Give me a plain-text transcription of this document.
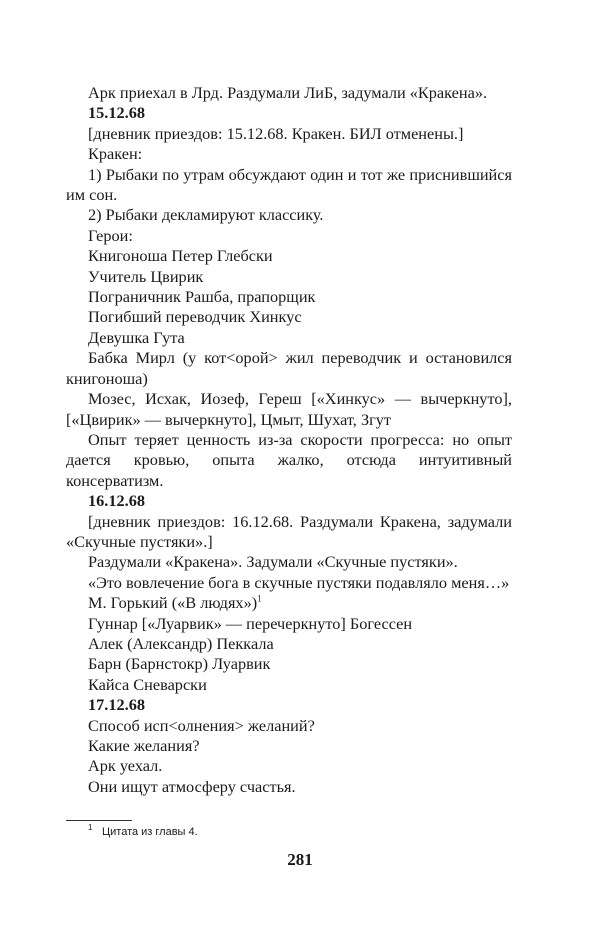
Арк приехал в Лрд. Раздумали ЛиБ, задумали «Кракена».

15.12.68

[дневник приездов: 15.12.68. Кракен. БИЛ отменены.]

Кракен:

1) Рыбаки по утрам обсуждают один и тот же приснившийся им сон.

2) Рыбаки декламируют классику.

Герои:

Книгоноша Петер Глебски

Учитель Цвирик

Пограничник Рашба, прапорщик

Погибший переводчик Хинкус

Девушка Гута

Бабка Мирл (у кот<орой> жил переводчик и остановился книгоноша)

Мозес, Исхак, Иозеф, Гереш [«Хинкус» — вычеркнуто], [«Цвирик» — вычеркнуто], Цмыт, Шухат, Згут

Опыт теряет ценность из-за скорости прогресса: но опыт дается кровью, опыта жалко, отсюда интуитивный консерватизм.

16.12.68

[дневник приездов: 16.12.68. Раздумали Кракена, задумали «Скучные пустяки».]

Раздумали «Кракена». Задумали «Скучные пустяки».

«Это вовлечение бога в скучные пустяки подавляло меня…»

М. Горький («В людях»)$^1$

Гуннар [«Луарвик» — перечеркнуто] Богессен

Алек (Александр) Пеккала

Барн (Барнстокр) Луарвик

Кайса Сневарски

17.12.68

Способ исп<олнения> желаний?

Какие желания?

Арк уехал.

Они ищут атмосферу счастья.

1 Цитата из главы 4.
281
